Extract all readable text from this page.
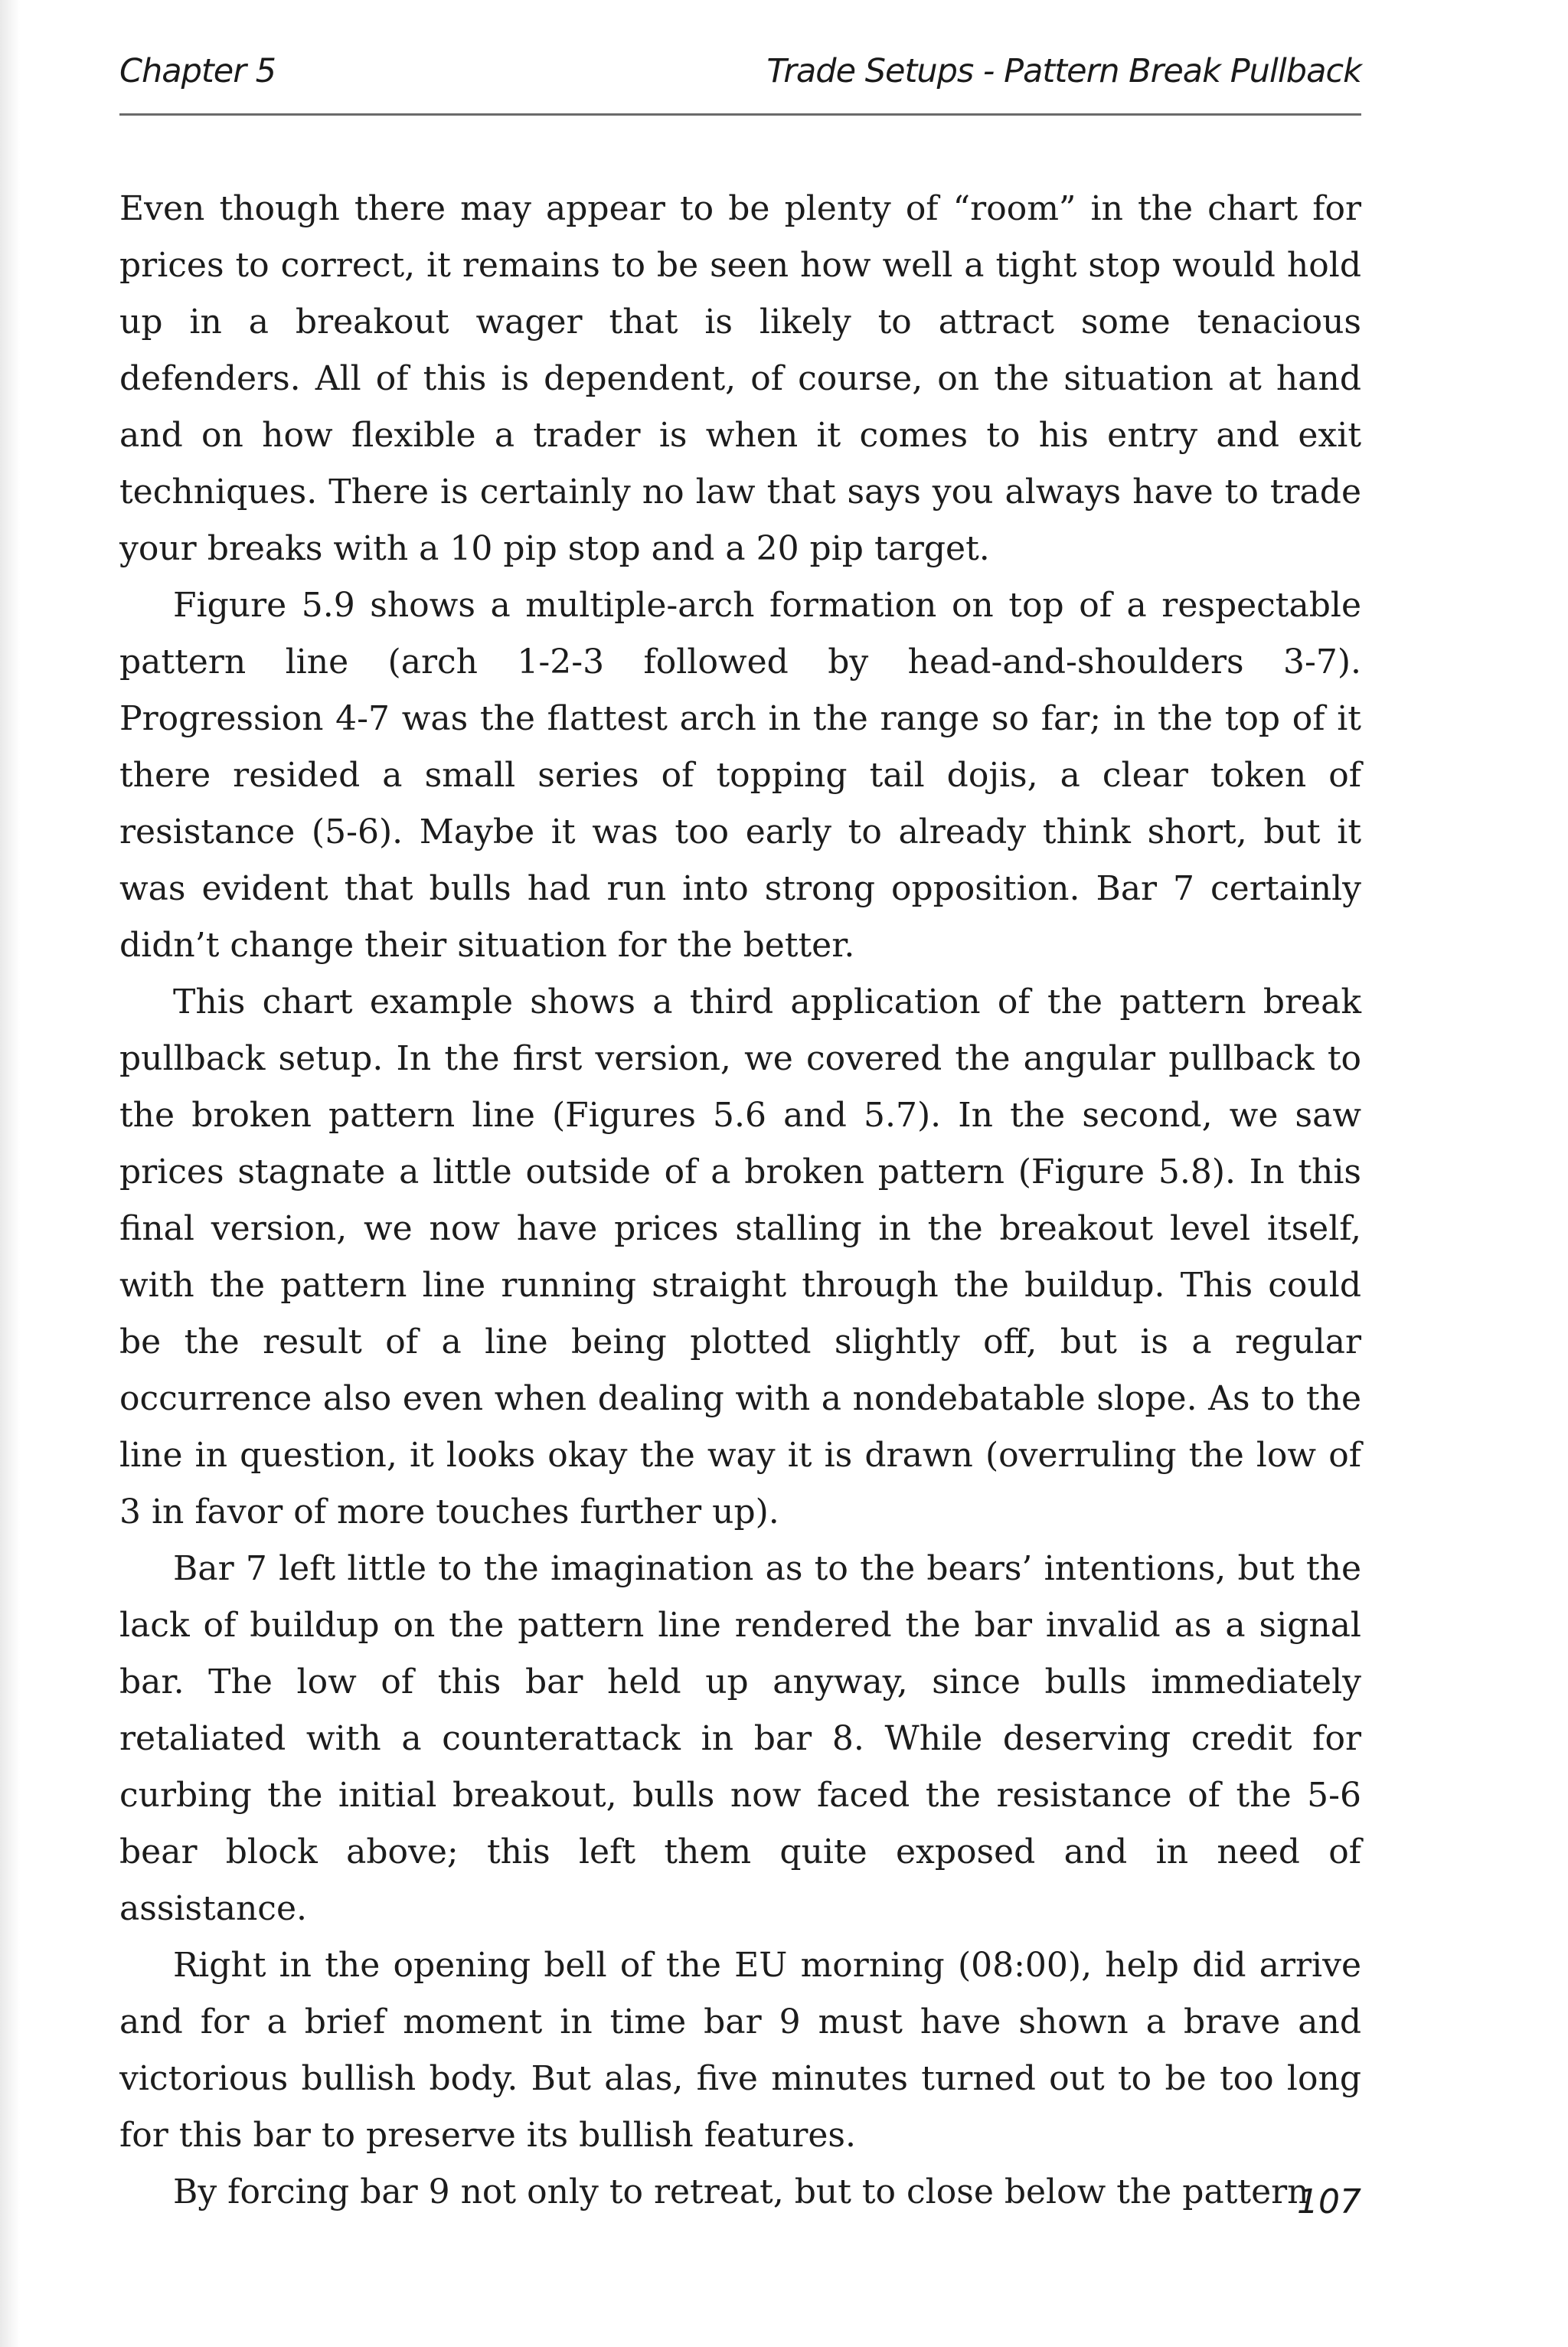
Chapter 5	Trade Setups - Pattern Break Pullback

Even though there may appear to be plenty of “room” in the chart for prices to correct, it remains to be seen how well a tight stop would hold up in a breakout wager that is likely to attract some tenacious defenders. All of this is dependent, of course, on the situation at hand and on how flexible a trader is when it comes to his entry and exit techniques. There is certainly no law that says you always have to trade your breaks with a 10 pip stop and a 20 pip target.

Figure 5.9 shows a multiple-arch formation on top of a respectable pattern line (arch 1-2-3 followed by head-and-shoulders 3-7). Progression 4-7 was the flattest arch in the range so far; in the top of it there resided a small series of topping tail dojis, a clear token of resistance (5-6). Maybe it was too early to already think short, but it was evident that bulls had run into strong opposition. Bar 7 certainly didn’t change their situation for the better.

This chart example shows a third application of the pattern break pullback setup. In the first version, we covered the angular pullback to the broken pattern line (Figures 5.6 and 5.7). In the second, we saw prices stagnate a little outside of a broken pattern (Figure 5.8). In this final version, we now have prices stalling in the breakout level itself, with the pattern line running straight through the buildup. This could be the result of a line being plotted slightly off, but is a regular occurrence also even when dealing with a nondebatable slope. As to the line in question, it looks okay the way it is drawn (overruling the low of 3 in favor of more touches further up).

Bar 7 left little to the imagination as to the bears’ intentions, but the lack of buildup on the pattern line rendered the bar invalid as a signal bar. The low of this bar held up anyway, since bulls immediately retaliated with a counterattack in bar 8. While deserving credit for curbing the initial breakout, bulls now faced the resistance of the 5-6 bear block above; this left them quite exposed and in need of assistance.

Right in the opening bell of the EU morning (08:00), help did arrive and for a brief moment in time bar 9 must have shown a brave and victorious bullish body. But alas, five minutes turned out to be too long for this bar to preserve its bullish features.

By forcing bar 9 not only to retreat, but to close below the pattern

107
